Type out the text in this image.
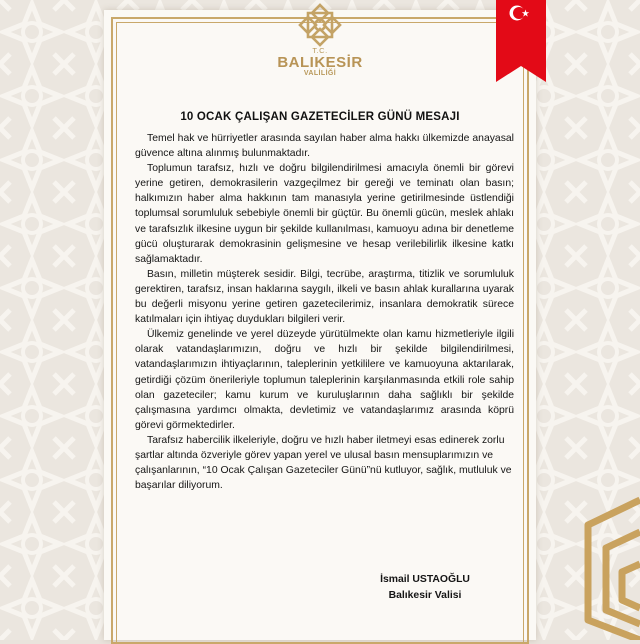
T.C.
BALIKESİR
VALİLİĞİ
10 OCAK ÇALIŞAN GAZETECİLER GÜNÜ MESAJI

Temel hak ve hürriyetler arasında sayılan haber alma hakkı ülkemizde anayasal güvence altına alınmış bulunmaktadır.

Toplumun tarafsız, hızlı ve doğru bilgilendirilmesi amacıyla önemli bir görevi yerine getiren, demokrasilerin vazgeçilmez bir gereği ve teminatı olan basın; halkımızın haber alma hakkının tam manasıyla yerine getirilmesinde üstlendiği toplumsal sorumluluk sebebiyle önemli bir güçtür. Bu önemli gücün, meslek ahlakı ve tarafsızlık ilkesine uygun bir şekilde kullanılması, kamuoyu adına bir denetleme gücü oluşturarak demokrasinin gelişmesine ve hesap verilebilirlik ilkesine katkı sağlamaktadır.

Basın, milletin müşterek sesidir. Bilgi, tecrübe, araştırma, titizlik ve sorumluluk gerektiren, tarafsız, insan haklarına saygılı, ilkeli ve basın ahlak kurallarına uyarak bu değerli misyonu yerine getiren gazetecilerimiz, insanlara demokratik sürece katılmaları için ihtiyaç duydukları bilgileri verir.

Ülkemiz genelinde ve yerel düzeyde yürütülmekte olan kamu hizmetleriyle ilgili olarak vatandaşlarımızın, doğru ve hızlı bir şekilde bilgilendirilmesi, vatandaşlarımızın ihtiyaçlarının, taleplerinin yetkililere ve kamuoyuna aktarılarak, getirdiği çözüm önerileriyle toplumun taleplerinin karşılanmasında etkili role sahip olan gazeteciler; kamu kurum ve kuruluşlarının daha sağlıklı bir şekilde çalışmasına yardımcı olmakta, devletimiz ve vatandaşlarımız arasında köprü görevi görmektedirler.

Tarafsız habercilik ilkeleriyle, doğru ve hızlı haber iletmeyi esas edinerek zorlu şartlar altında özveriyle görev yapan yerel ve ulusal basın mensuplarımızın ve çalışanlarının, “10 Ocak Çalışan Gazeteciler Günü”nü kutluyor, sağlık, mutluluk ve başarılar diliyorum.

İsmail USTAOĞLU
Balıkesir Valisi
